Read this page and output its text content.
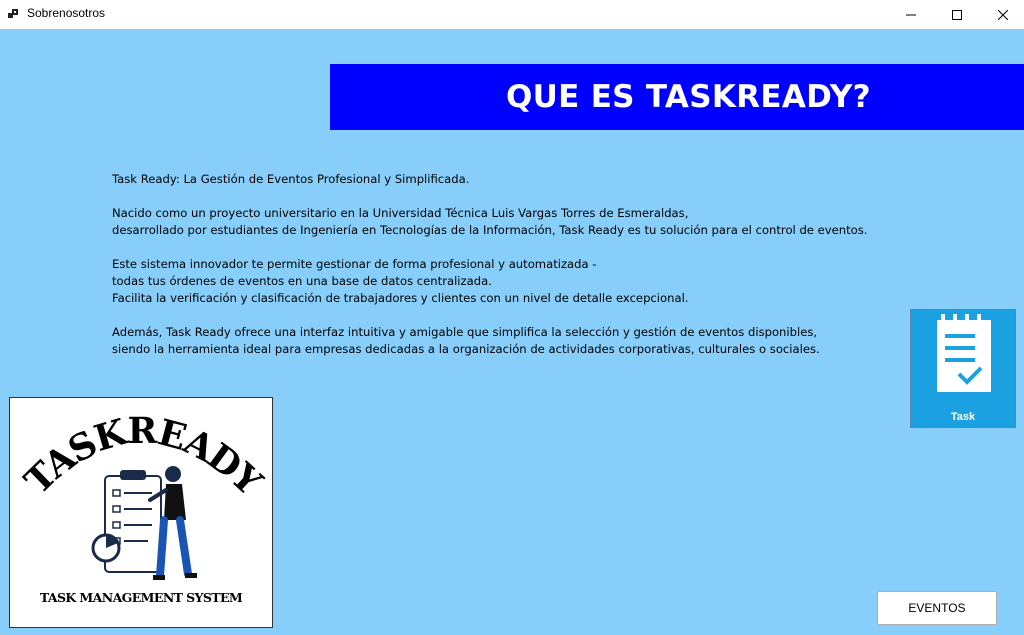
Sobrenosotros
QUE ES TASKREADY?
Task Ready: La Gestión de Eventos Profesional y Simplificada.
Nacido como un proyecto universitario en la Universidad Técnica Luis Vargas Torres de Esmeraldas,
desarrollado por estudiantes de Ingeniería en Tecnologías de la Información, Task Ready es tu solución para el control de eventos.
Este sistema innovador te permite gestionar de forma profesional y automatizada -
todas tus órdenes de eventos en una base de datos centralizada.
Facilita la verificación y clasificación de trabajadores y clientes con un nivel de detalle excepcional.
Además, Task Ready ofrece una interfaz intuitiva y amigable que simplifica la selección y gestión de eventos disponibles,
siendo la herramienta ideal para empresas dedicadas a la organización de actividades corporativas, culturales o sociales.
TASKREADY
TASK MANAGEMENT SYSTEM
Task
EVENTOS
